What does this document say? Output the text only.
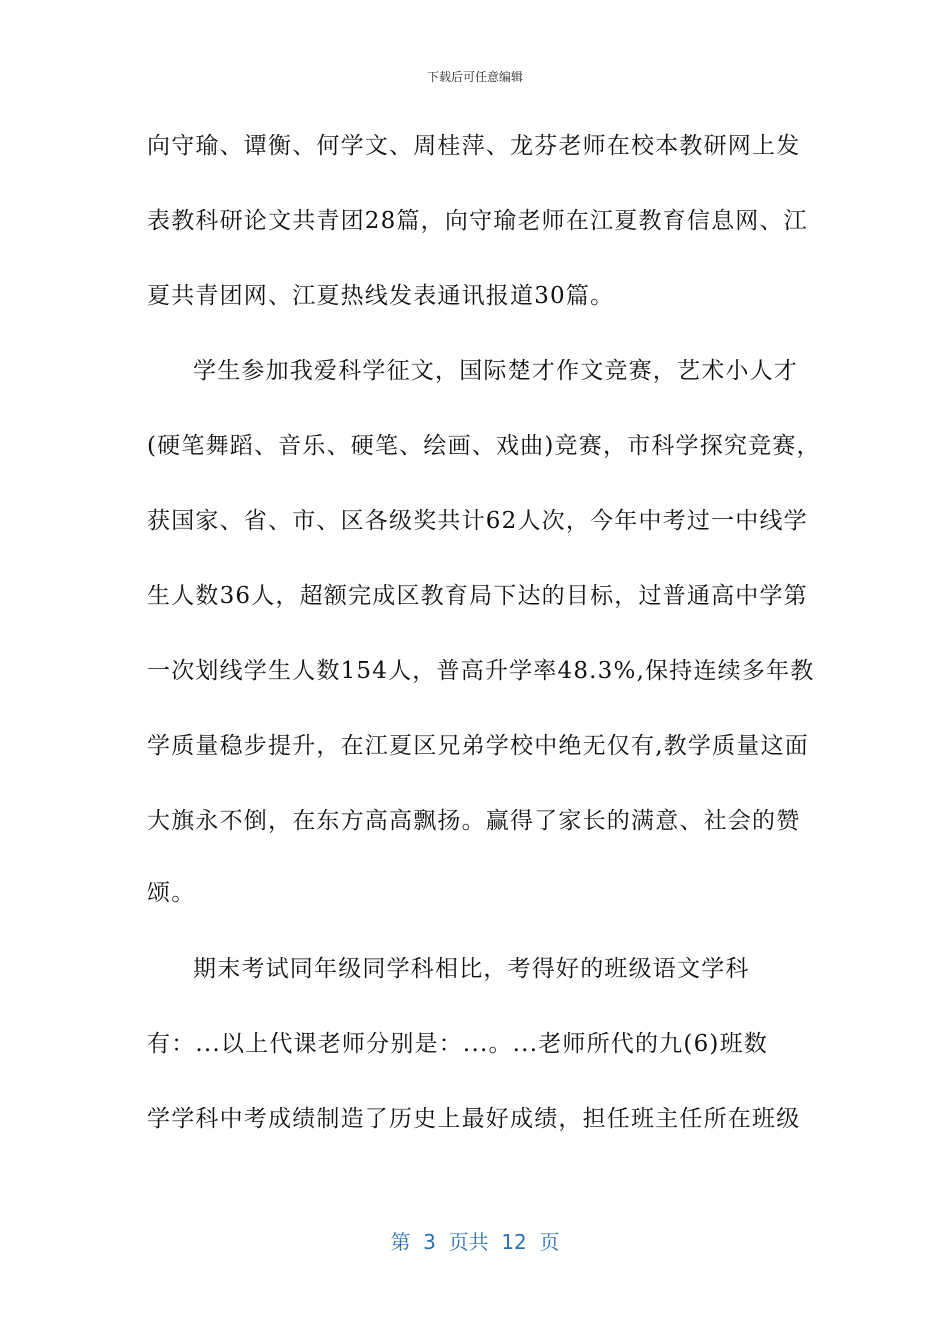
下载后可任意编辑
向守瑜、谭衡、何学文、周桂萍、龙芬老师在校本教研网上发
表教科研论文共青团28篇，向守瑜老师在江夏教育信息网、江
夏共青团网、江夏热线发表通讯报道30篇。
学生参加我爱科学征文，国际楚才作文竞赛，艺术小人才
(硬笔舞蹈、音乐、硬笔、绘画、戏曲)竞赛，市科学探究竞赛，
获国家、省、市、区各级奖共计62人次，今年中考过一中线学
生人数36人，超额完成区教育局下达的目标，过普通高中学第
一次划线学生人数154人，普高升学率48.3%,保持连续多年教
学质量稳步提升，在江夏区兄弟学校中绝无仅有,教学质量这面
大旗永不倒，在东方高高飘扬。赢得了家长的满意、社会的赞
颂。
期末考试同年级同学科相比，考得好的班级语文学科
有：...以上代课老师分别是：...。...老师所代的九(6)班数
学学科中考成绩制造了历史上最好成绩，担任班主任所在班级
第  3  页共  12  页
